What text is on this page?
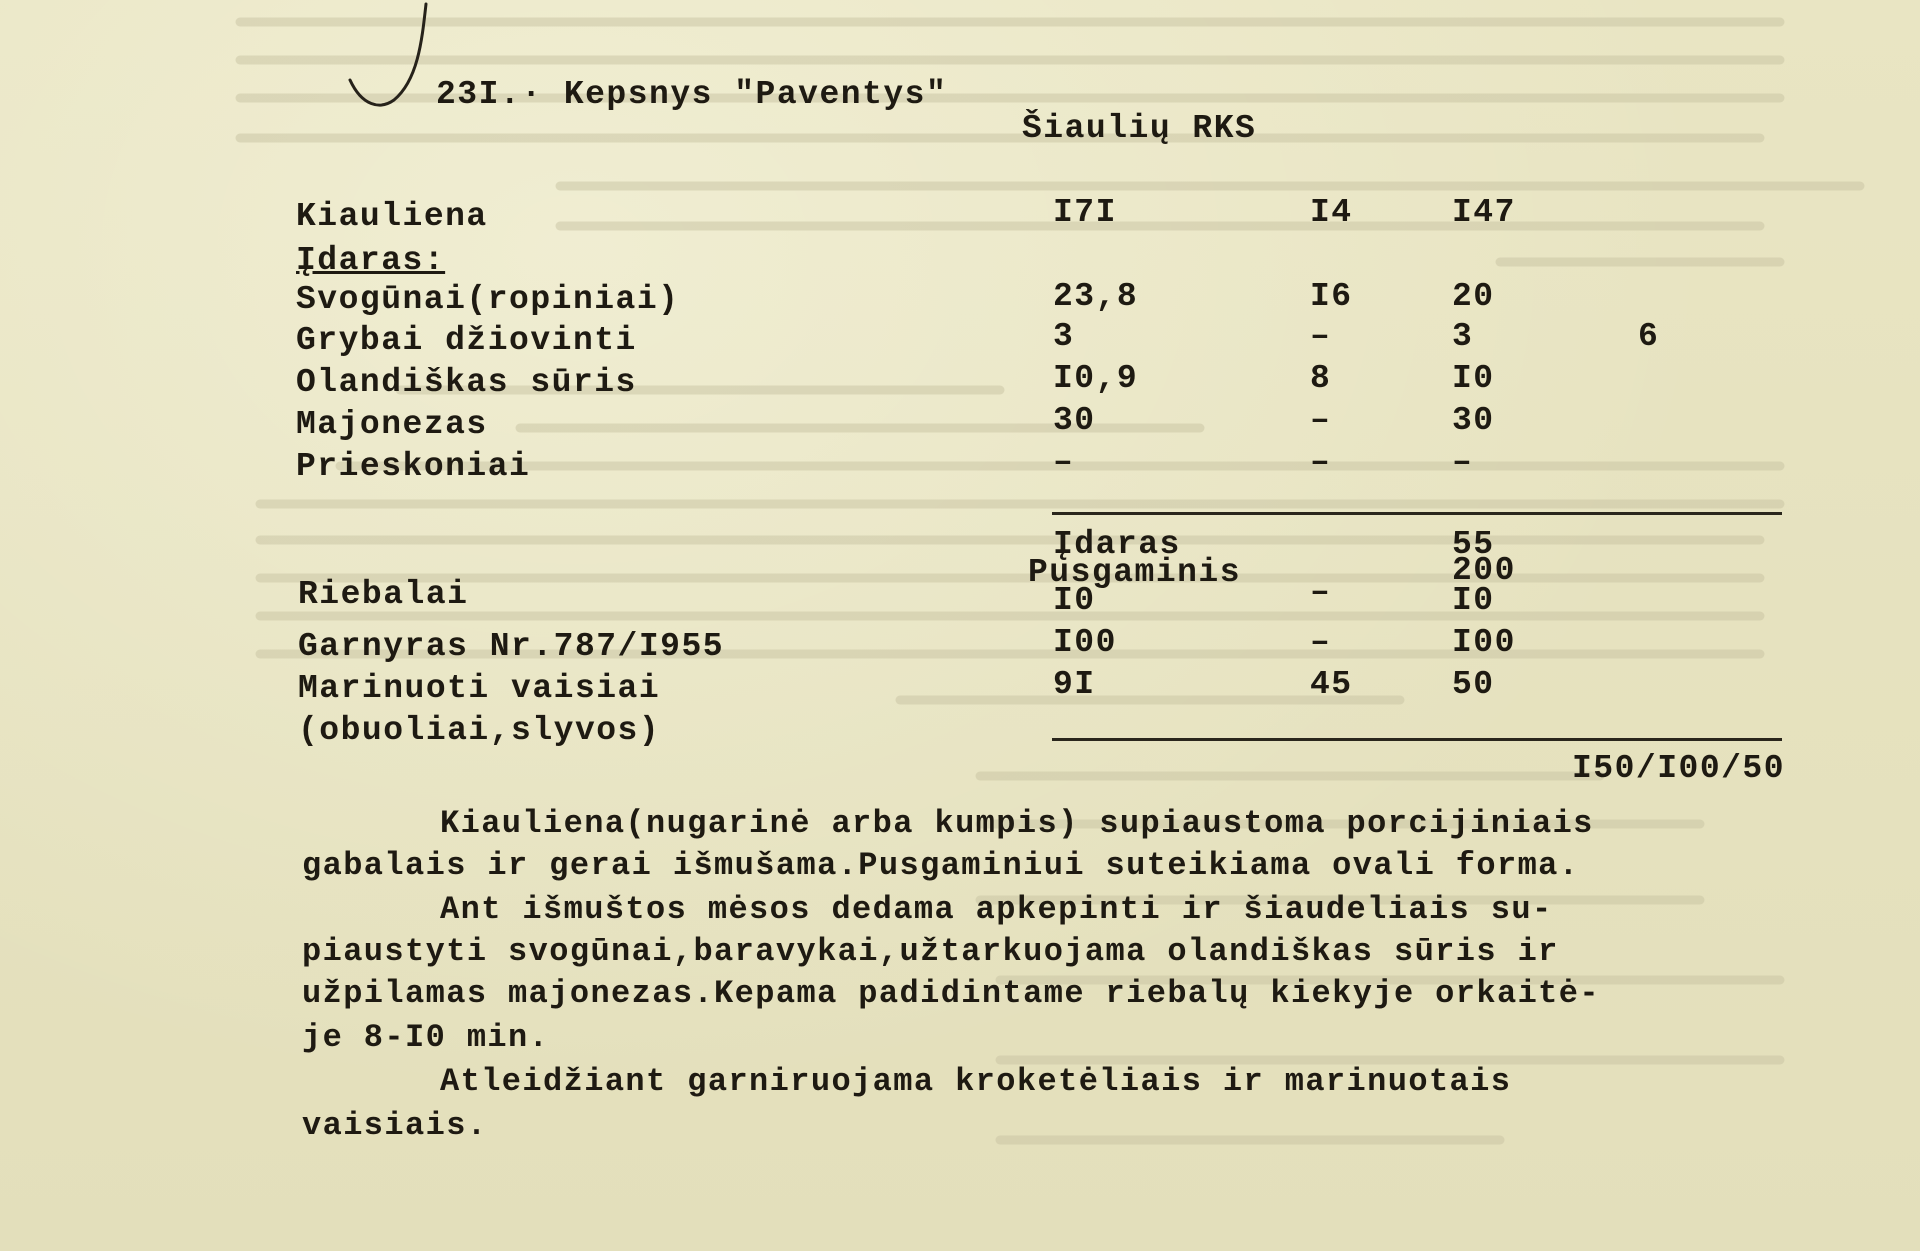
23I.· Kepsnys "Paventys"
Šiaulių RKS
Kiauliena	I7I	I4	I47
Įdaras:
Svogūnai(ropiniai)	23,8	I6	20
Grybai džiovinti	3	–	3	6
Olandiškas sūris	I0,9	8	I0
Majonezas	30	–	30
Prieskoniai	–	–	–
Įdaras	55
Pusgaminis	200
Riebalai	I0	–	I0
Garnyras Nr.787/I955	I00	–	I00
Marinuoti vaisiai
(obuoliai,slyvos)
9I	45	50
I50/I00/50
Kiauliena(nugarinė arba kumpis) supiaustoma porcijiniais
gabalais ir gerai išmušama.Pusgaminiui suteikiama ovali forma.
Ant išmuštos mėsos dedama apkepinti ir šiaudeliais su-
piaustyti svogūnai,baravykai,užtarkuojama olandiškas sūris ir
užpilamas majonezas.Kepama padidintame riebalų kiekyje orkaitė-
je 8-I0 min.
Atleidžiant garniruojama kroketėliais ir marinuotais
vaisiais.
